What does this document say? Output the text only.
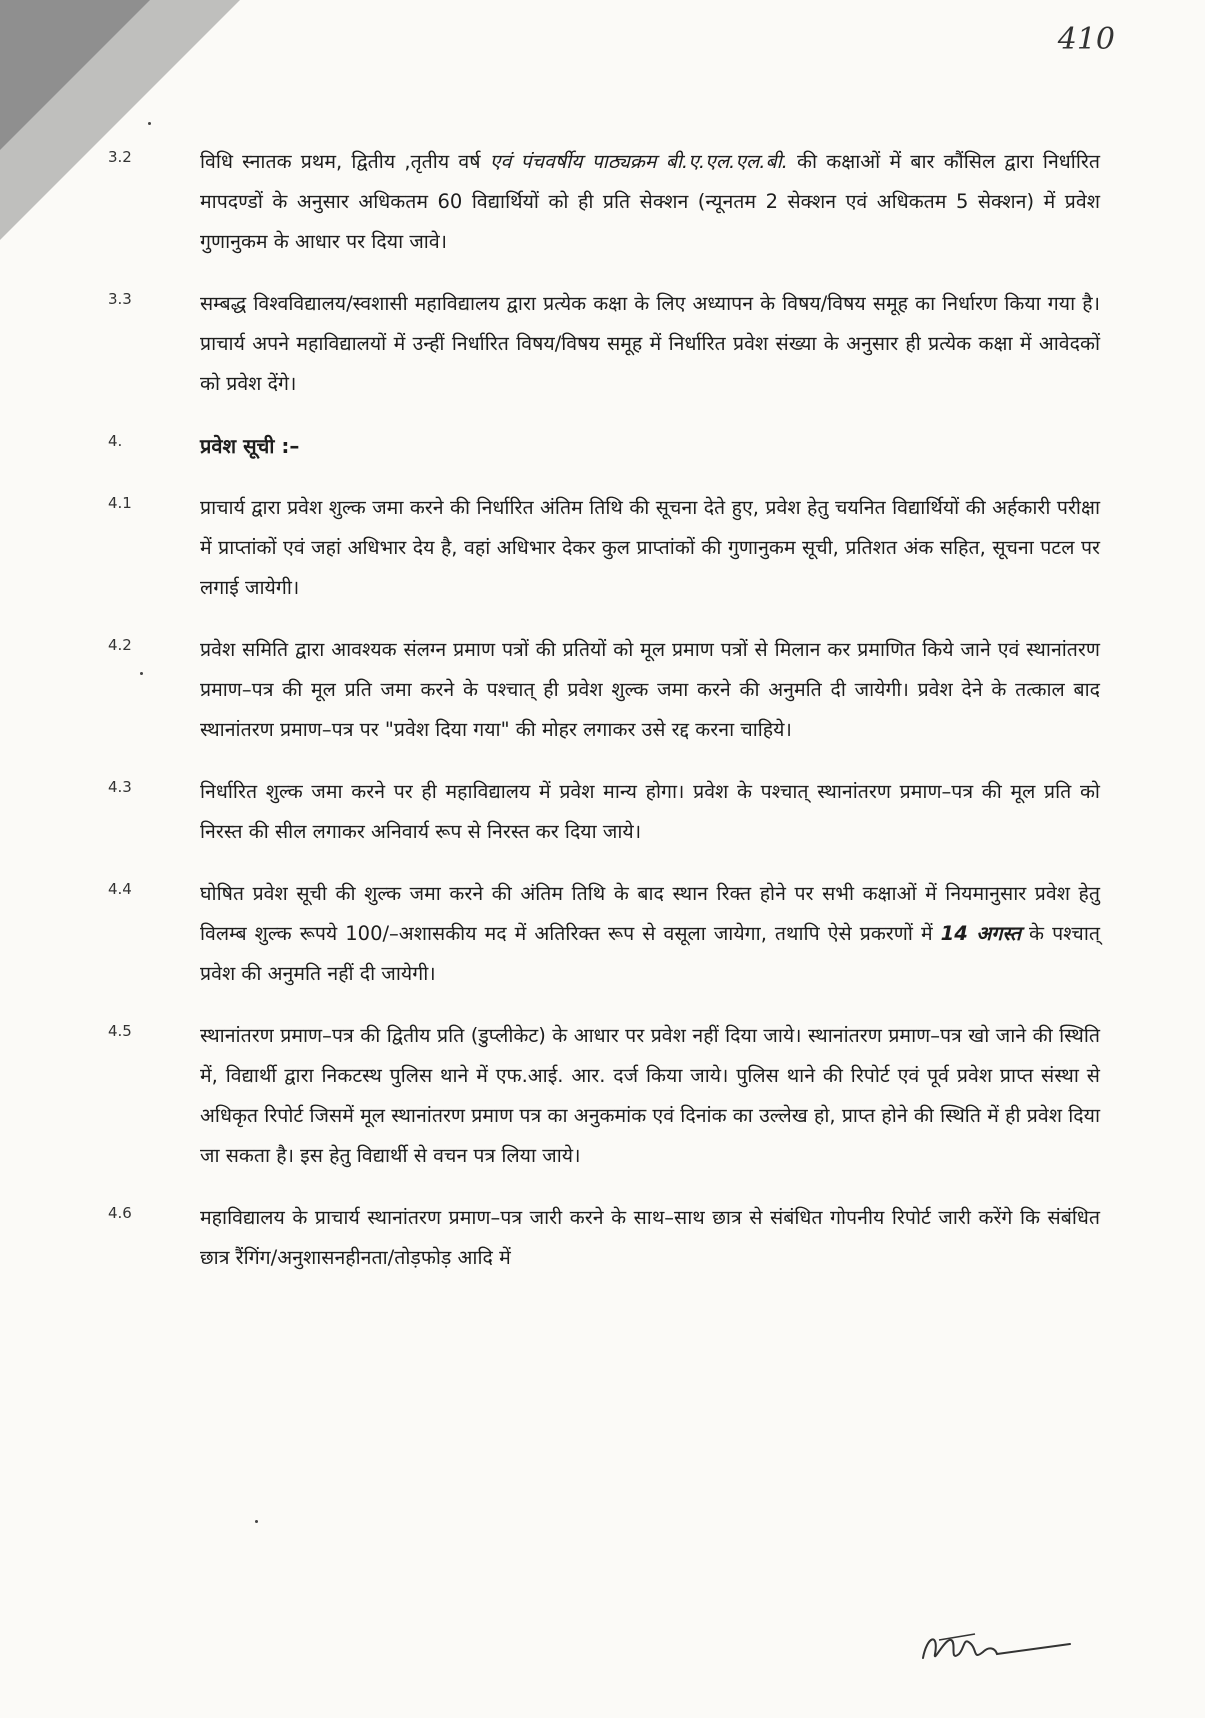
410
3.2	विधि स्नातक प्रथम, द्वितीय ,तृतीय वर्ष एवं पंचवर्षीय पाठ्यक्रम बी.ए.एल.एल.बी. की कक्षाओं में बार कौंसिल द्वारा निर्धारित मापदण्डों के अनुसार अधिकतम 60 विद्यार्थियों को ही प्रति सेक्शन (न्यूनतम 2 सेक्शन एवं अधिकतम 5 सेक्शन) में प्रवेश गुणानुकम के आधार पर दिया जावे।
3.3	सम्बद्ध विश्वविद्यालय/स्वशासी महाविद्यालय द्वारा प्रत्येक कक्षा के लिए अध्यापन के विषय/विषय समूह का निर्धारण किया गया है। प्राचार्य अपने महाविद्यालयों में उन्हीं निर्धारित विषय/विषय समूह में निर्धारित प्रवेश संख्या के अनुसार ही प्रत्येक कक्षा में आवेदकों को प्रवेश देंगे।
4.	प्रवेश सूची :–
4.1	प्राचार्य द्वारा प्रवेश शुल्क जमा करने की निर्धारित अंतिम तिथि की सूचना देते हुए, प्रवेश हेतु चयनित विद्यार्थियों की अर्हकारी परीक्षा में प्राप्तांकों एवं जहां अधिभार देय है, वहां अधिभार देकर कुल प्राप्तांकों की गुणानुकम सूची, प्रतिशत अंक सहित, सूचना पटल पर लगाई जायेगी।
4.2	प्रवेश समिति द्वारा आवश्यक संलग्न प्रमाण पत्रों की प्रतियों को मूल प्रमाण पत्रों से मिलान कर प्रमाणित किये जाने एवं स्थानांतरण प्रमाण–पत्र की मूल प्रति जमा करने के पश्चात् ही प्रवेश शुल्क जमा करने की अनुमति दी जायेगी। प्रवेश देने के तत्काल बाद स्थानांतरण प्रमाण–पत्र पर "प्रवेश दिया गया" की मोहर लगाकर उसे रद्द करना चाहिये।
4.3	निर्धारित शुल्क जमा करने पर ही महाविद्यालय में प्रवेश मान्य होगा। प्रवेश के पश्चात् स्थानांतरण प्रमाण–पत्र की मूल प्रति को निरस्त की सील लगाकर अनिवार्य रूप से निरस्त कर दिया जाये।
4.4	घोषित प्रवेश सूची की शुल्क जमा करने की अंतिम तिथि के बाद स्थान रिक्त होने पर सभी कक्षाओं में नियमानुसार प्रवेश हेतु विलम्ब शुल्क रूपये 100/–अशासकीय मद में अतिरिक्त रूप से वसूला जायेगा, तथापि ऐसे प्रकरणों में 14 अगस्त के पश्चात् प्रवेश की अनुमति नहीं दी जायेगी।
4.5	स्थानांतरण प्रमाण–पत्र की द्वितीय प्रति (डुप्लीकेट) के आधार पर प्रवेश नहीं दिया जाये। स्थानांतरण प्रमाण–पत्र खो जाने की स्थिति में, विद्यार्थी द्वारा निकटस्थ पुलिस थाने में एफ.आई. आर. दर्ज किया जाये। पुलिस थाने की रिपोर्ट एवं पूर्व प्रवेश प्राप्त संस्था से अधिकृत रिपोर्ट जिसमें मूल स्थानांतरण प्रमाण पत्र का अनुकमांक एवं दिनांक का उल्लेख हो, प्राप्त होने की स्थिति में ही प्रवेश दिया जा सकता है। इस हेतु विद्यार्थी से वचन पत्र लिया जाये।
4.6	महाविद्यालय के प्राचार्य स्थानांतरण प्रमाण–पत्र जारी करने के साथ–साथ छात्र से संबंधित गोपनीय रिपोर्ट जारी करेंगे कि संबंधित छात्र रैंगिंग/अनुशासनहीनता/तोड़फोड़ आदि में
